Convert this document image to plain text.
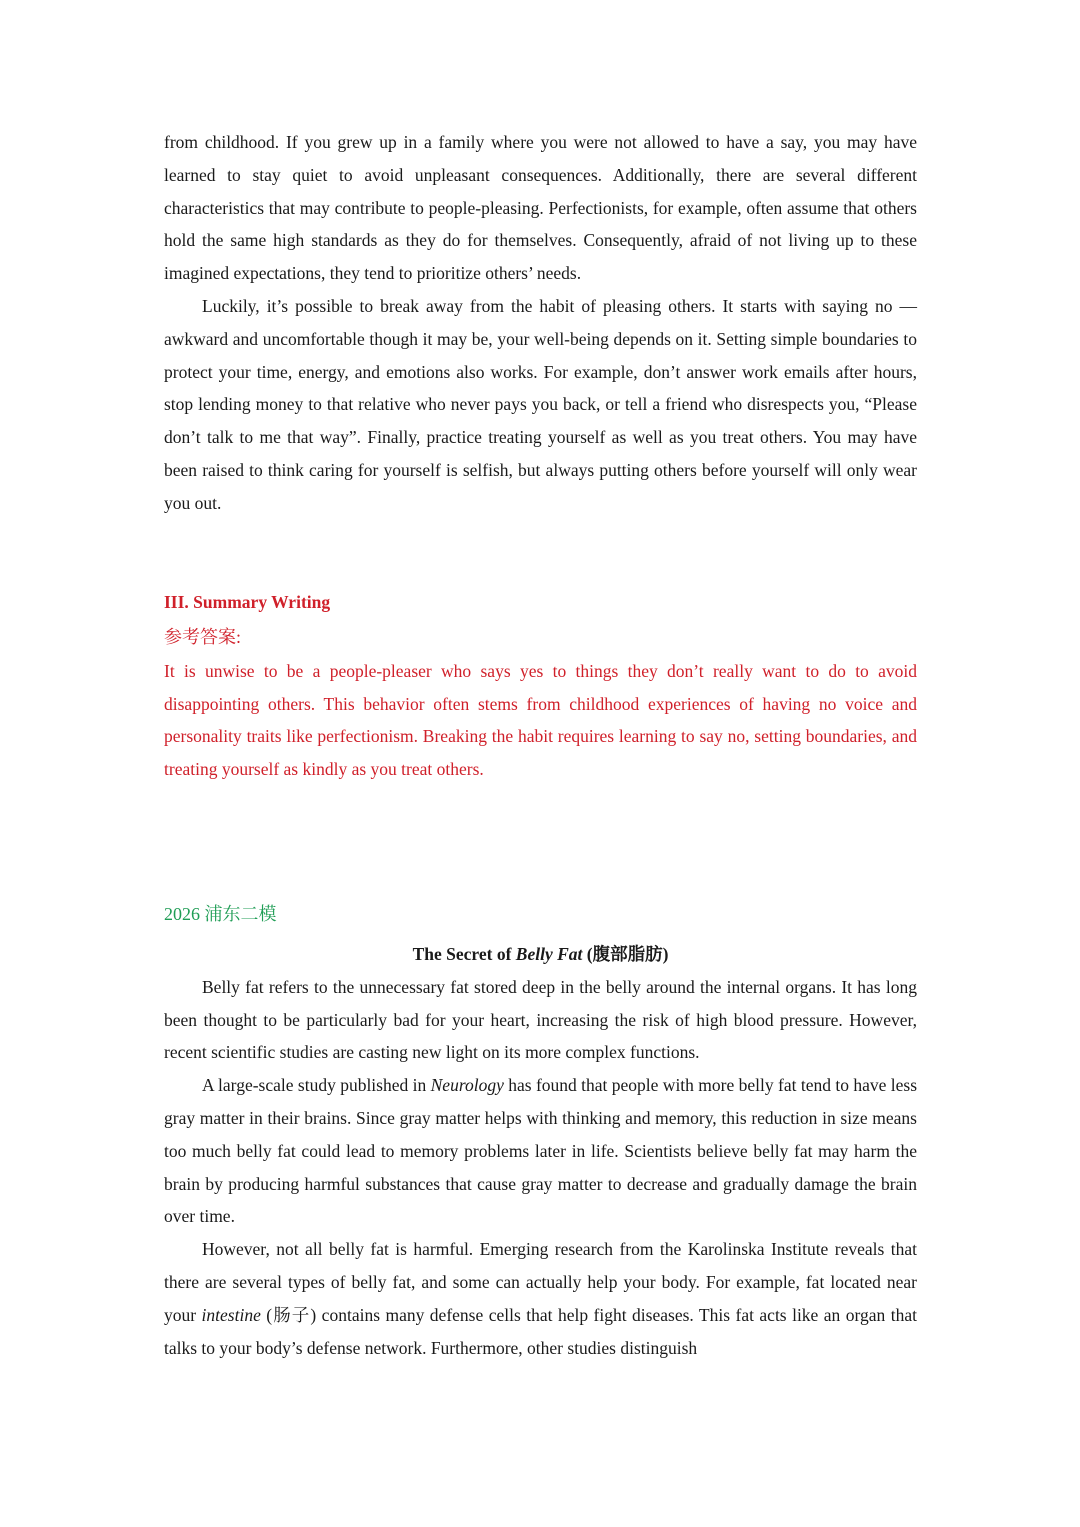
from childhood. If you grew up in a family where you were not allowed to have a say, you may have learned to stay quiet to avoid unpleasant consequences. Additionally, there are several different characteristics that may contribute to people-pleasing. Perfectionists, for example, often assume that others hold the same high standards as they do for themselves. Consequently, afraid of not living up to these imagined expectations, they tend to prioritize others’ needs.

Luckily, it’s possible to break away from the habit of pleasing others. It starts with saying no — awkward and uncomfortable though it may be, your well-being depends on it. Setting simple boundaries to protect your time, energy, and emotions also works. For example, don’t answer work emails after hours, stop lending money to that relative who never pays you back, or tell a friend who disrespects you, “Please don’t talk to me that way”. Finally, practice treating yourself as well as you treat others. You may have been raised to think caring for yourself is selfish, but always putting others before yourself will only wear you out.

III. Summary Writing
参考答案:

It is unwise to be a people-pleaser who says yes to things they don’t really want to do to avoid disappointing others. This behavior often stems from childhood experiences of having no voice and personality traits like perfectionism. Breaking the habit requires learning to say no, setting boundaries, and treating yourself as kindly as you treat others.

2026 浦东二模
The Secret of Belly Fat (腹部脂肪)

Belly fat refers to the unnecessary fat stored deep in the belly around the internal organs. It has long been thought to be particularly bad for your heart, increasing the risk of high blood pressure. However, recent scientific studies are casting new light on its more complex functions.

A large-scale study published in Neurology has found that people with more belly fat tend to have less gray matter in their brains. Since gray matter helps with thinking and memory, this reduction in size means too much belly fat could lead to memory problems later in life. Scientists believe belly fat may harm the brain by producing harmful substances that cause gray matter to decrease and gradually damage the brain over time.

However, not all belly fat is harmful. Emerging research from the Karolinska Institute reveals that there are several types of belly fat, and some can actually help your body. For example, fat located near your intestine (肠子) contains many defense cells that help fight diseases. This fat acts like an organ that talks to your body’s defense network. Furthermore, other studies distinguish
